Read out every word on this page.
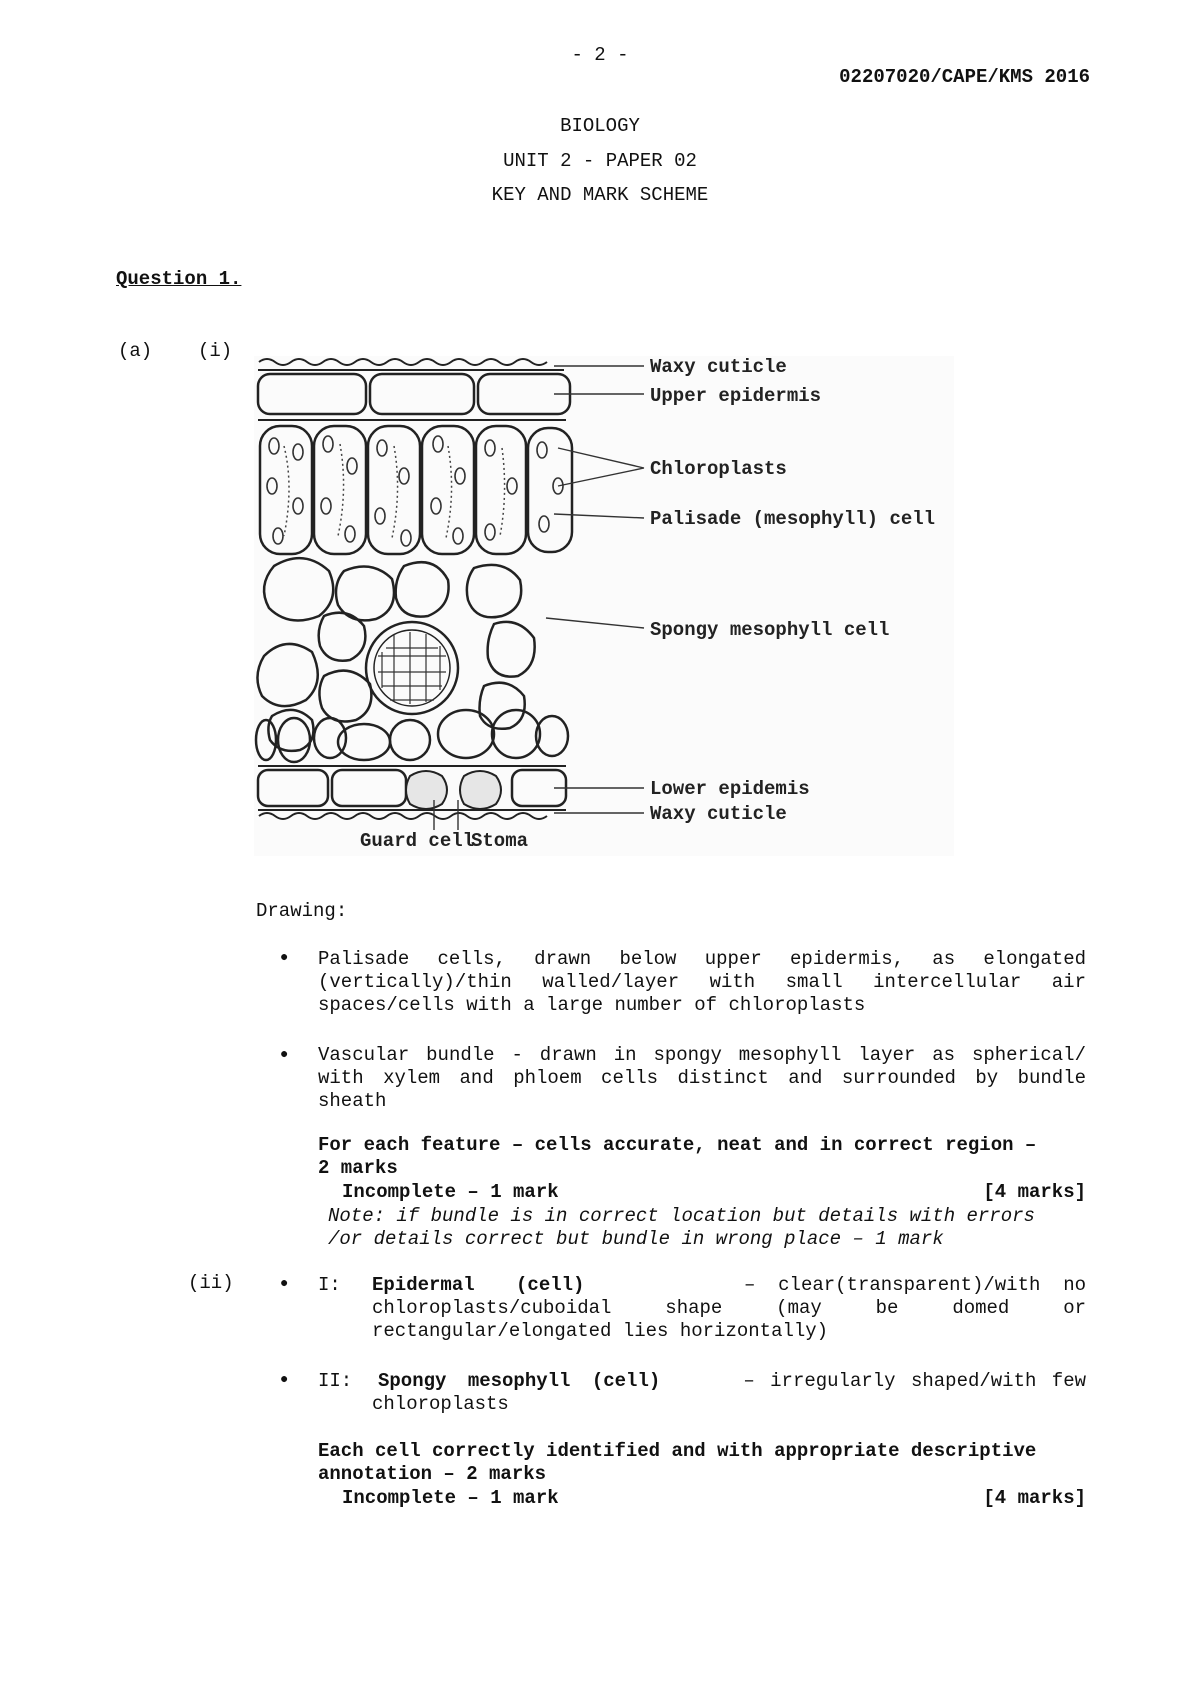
- 2 -
02207020/CAPE/KMS 2016
BIOLOGY
UNIT 2 - PAPER 02
KEY AND MARK SCHEME
Question 1.
(a) (i)
Waxy cuticle
Upper epidermis
Chloroplasts
Palisade (mesophyll) cell
Spongy mesophyll cell
Lower epidemis
Waxy cuticle
Guard cell
Stoma
Drawing:
●
Palisade cells, drawn below upper epidermis, as elongated
(vertically)/thin walled/layer with small intercellular air
spaces/cells with a large number of chloroplasts
●
Vascular bundle - drawn in spongy mesophyll layer as spherical/
with xylem and phloem cells distinct and surrounded by bundle
sheath
For each feature – cells accurate, neat and in correct region –
2 marks
Incomplete – 1 mark	[4 marks]
Note: if bundle is in correct location but details with errors
/or details correct but bundle in wrong place – 1 mark
(ii)
●	I: Epidermal (cell)	–  clear(transparent)/with  no
chloroplasts/cuboidal shape (may be domed or
rectangular/elongated lies horizontally)
●
II: Spongy mesophyll (cell)	– irregularly shaped/with few
chloroplasts
Each cell correctly identified and with appropriate descriptive
annotation – 2 marks
Incomplete – 1 mark	[4 marks]
